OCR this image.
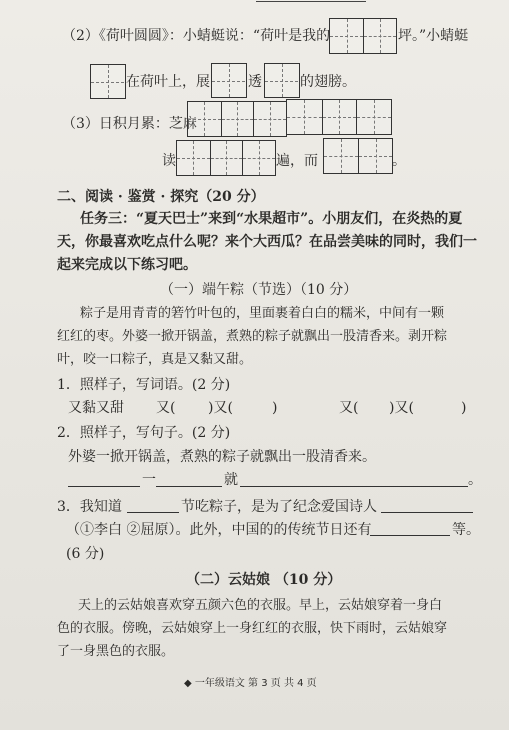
（2）《荷叶圆圆》：小蜻蜓说：“荷叶是我的	坪。”小蜻蜓
在荷叶上，展	透	的翅膀。
（3）日积月累：芝麻
读	遍，而	。
二、阅读 · 鉴赏 · 探究（20 分）
任务三：“夏天巴士”来到“水果超市”。小朋友们，在炎热的夏
天，你最喜欢吃点什么呢？来个大西瓜？在品尝美味的同时，我们一
起来完成以下练习吧。
（一）端午粽（节选）（10 分）
粽子是用青青的箬竹叶包的，里面裹着白白的糯米，中间有一颗
红红的枣。外婆一掀开锅盖，煮熟的粽子就飘出一股清香来。剥开粽
叶，咬一口粽子，真是又黏又甜。
1．照样子，写词语。(2 分)
又黏又甜 又( )又(	)	又( )又(	)
2．照样子，写句子。(2 分)
外婆一掀开锅盖，煮熟的粽子就飘出一股清香来。
一	就	。
3．我知道	节吃粽子，是为了纪念爱国诗人
（①李白 ②屈原）。此外，中国的的传统节日还有	等。
(6 分)
（二）云姑娘 （10 分）
天上的云姑娘喜欢穿五颜六色的衣服。早上，云姑娘穿着一身白
色的衣服。傍晚，云姑娘穿上一身红红的衣服，快下雨时，云姑娘穿
了一身黑色的衣服。
◆ 一年级语文 第 3 页 共 4 页
